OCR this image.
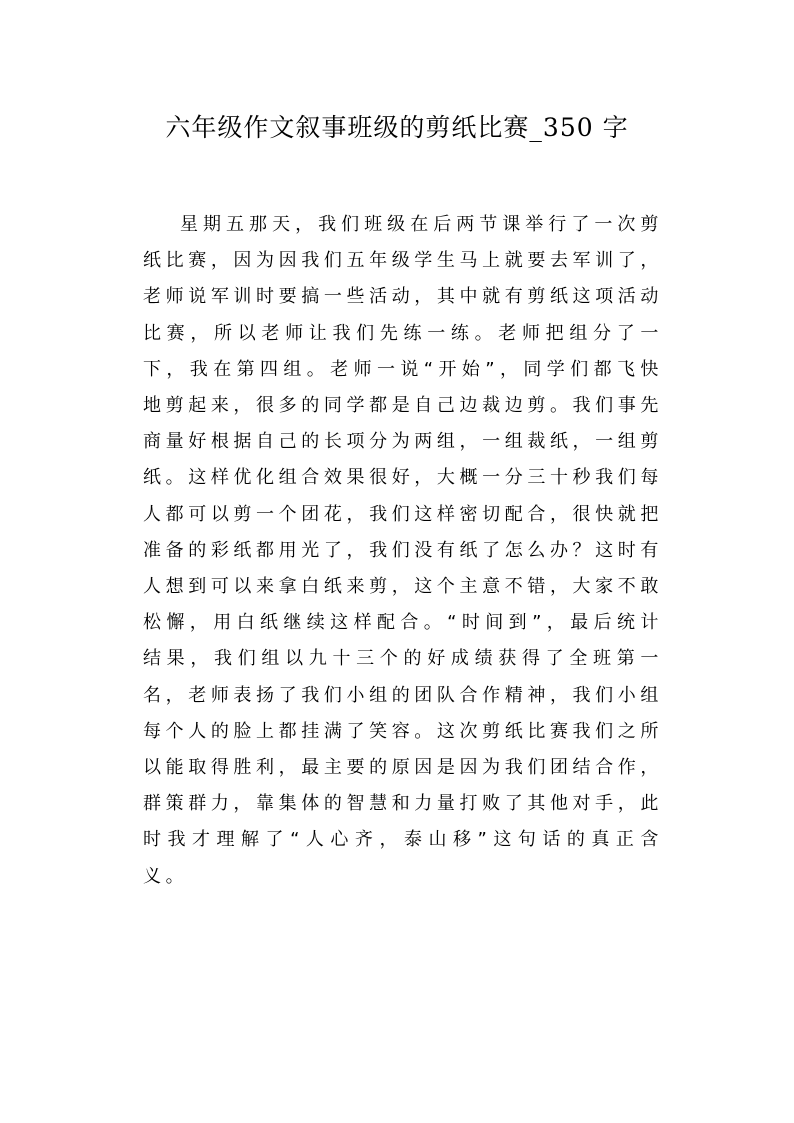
六年级作文叙事班级的剪纸比赛_350 字

星期五那天，我们班级在后两节课举行了一次剪纸比赛，因为因我们五年级学生马上就要去军训了，老师说军训时要搞一些活动，其中就有剪纸这项活动比赛，所以老师让我们先练一练。老师把组分了一下，我在第四组。老师一说“开始”，同学们都飞快地剪起来，很多的同学都是自己边裁边剪。我们事先商量好根据自己的长项分为两组，一组裁纸，一组剪纸。这样优化组合效果很好，大概一分三十秒我们每人都可以剪一个团花，我们这样密切配合，很快就把准备的彩纸都用光了，我们没有纸了怎么办？这时有人想到可以来拿白纸来剪，这个主意不错，大家不敢松懈，用白纸继续这样配合。“时间到”，最后统计结果，我们组以九十三个的好成绩获得了全班第一名，老师表扬了我们小组的团队合作精神，我们小组每个人的脸上都挂满了笑容。这次剪纸比赛我们之所以能取得胜利，最主要的原因是因为我们团结合作，群策群力，靠集体的智慧和力量打败了其他对手，此时我才理解了“人心齐，泰山移”这句话的真正含义。
